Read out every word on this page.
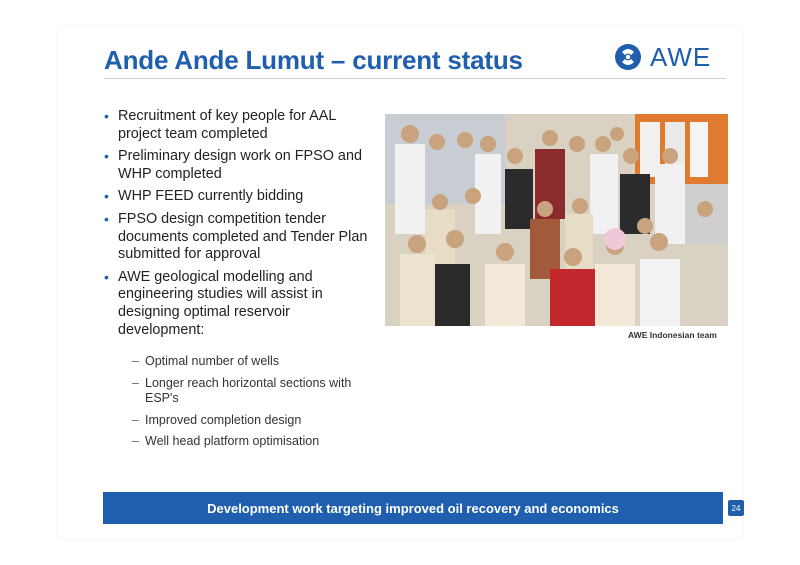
Ande Ande Lumut – current status	AWE
• Recruitment of key people for AAL project team completed
• Preliminary design work on FPSO and WHP completed
• WHP FEED currently bidding
• FPSO design competition tender documents completed and Tender Plan submitted for approval
• AWE geological modelling and engineering studies will assist in designing optimal reservoir development:
– Optimal number of wells
– Longer reach horizontal sections with ESP's
– Improved completion design
– Well head platform optimisation
AWE Indonesian team
Development work targeting improved oil recovery and economics	24
